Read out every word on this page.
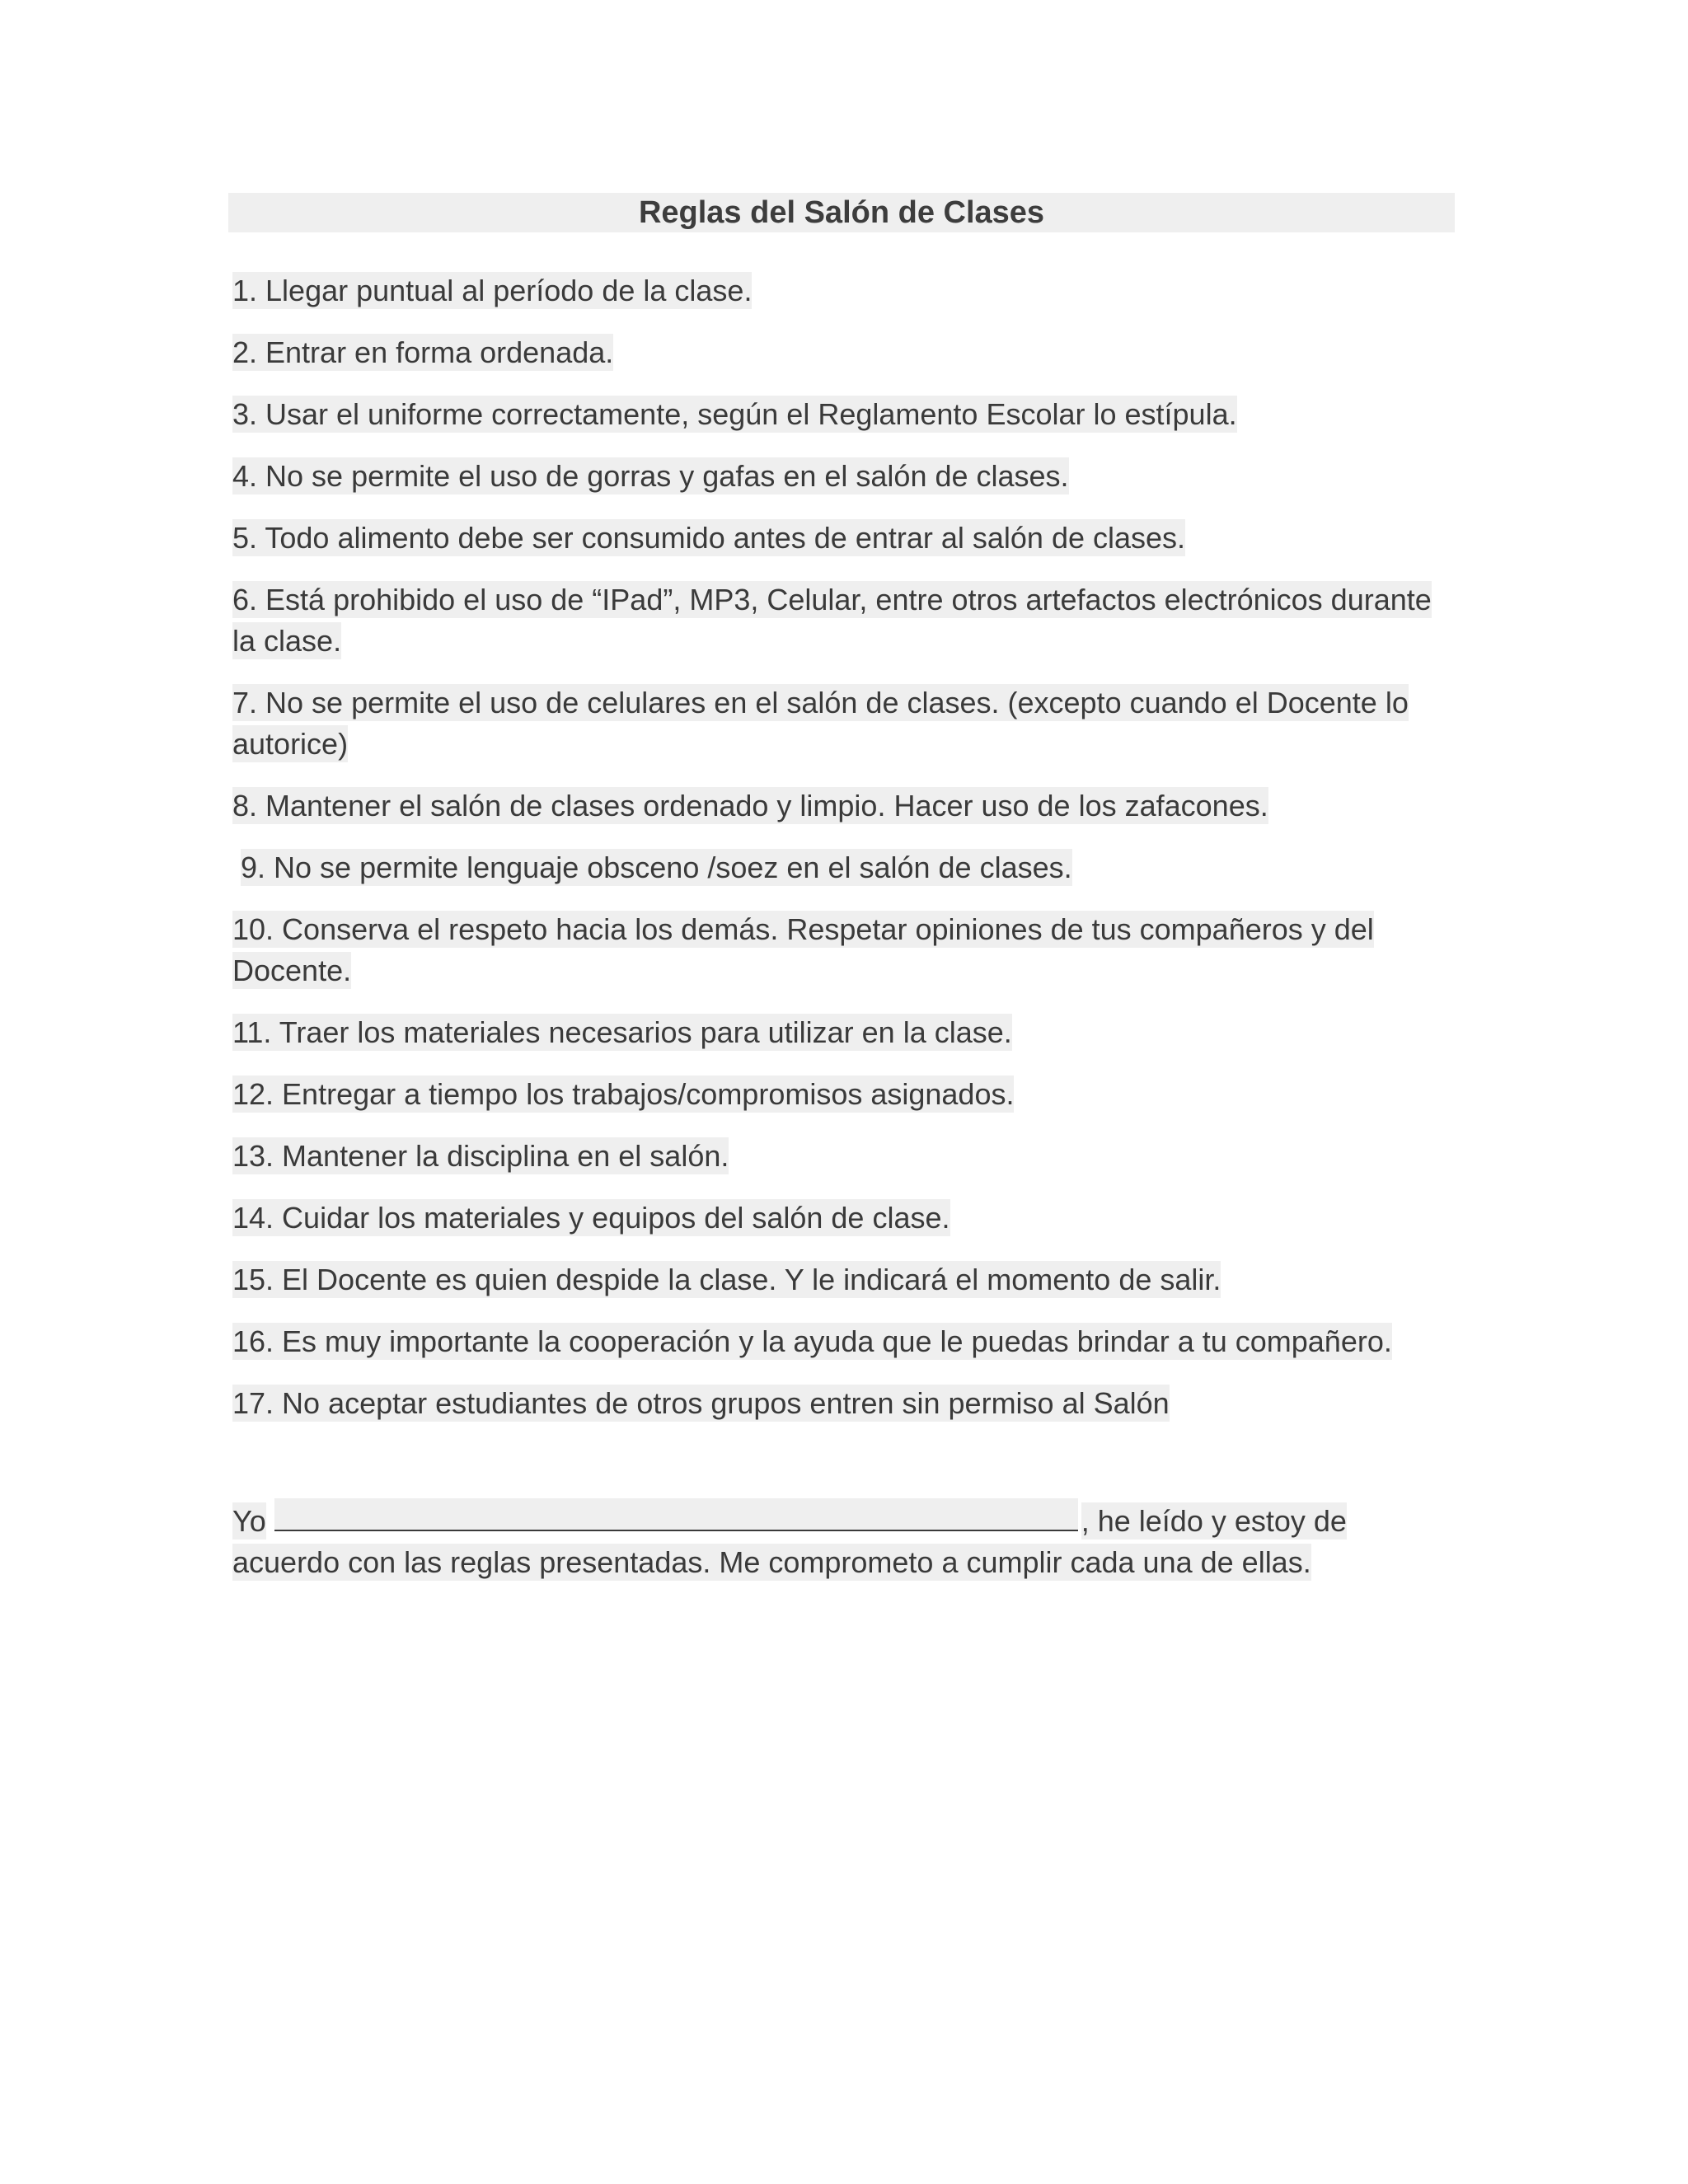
Reglas del Salón de Clases
1. Llegar puntual al período de la clase.
2. Entrar en forma ordenada.
3. Usar el uniforme correctamente, según el Reglamento Escolar lo estípula.
4. No se permite el uso de gorras y gafas en el salón de clases.
5. Todo alimento debe ser consumido antes de entrar al salón de clases.
6. Está prohibido el uso de “IPad”, MP3, Celular, entre otros artefactos electrónicos durante la clase.
7. No se permite el uso de celulares en el salón de clases. (excepto cuando el Docente lo autorice)
8. Mantener el salón de clases ordenado y limpio. Hacer uso de los zafacones.
9. No se permite lenguaje obsceno /soez en el salón de clases.
10. Conserva el respeto hacia los demás. Respetar opiniones de tus compañeros y del Docente.
11. Traer los materiales necesarios para utilizar en la clase.
12. Entregar a tiempo los trabajos/compromisos asignados.
13. Mantener la disciplina en el salón.
14. Cuidar los materiales y equipos del salón de clase.
15. El Docente es quien despide la clase. Y le indicará el momento de salir.
16. Es muy importante la cooperación y la ayuda que le puedas brindar a tu compañero.
17. No aceptar estudiantes de otros grupos entren sin permiso al Salón

Yo	, he leído y estoy de acuerdo con las reglas presentadas. Me comprometo a cumplir cada una de ellas.
